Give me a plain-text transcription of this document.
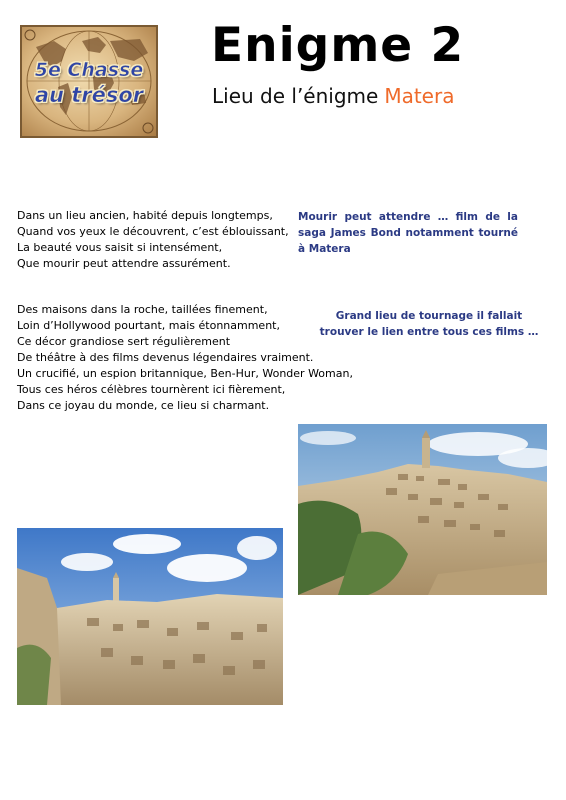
5e Chasse
au trésor
Enigme 2
Lieu de l’énigme Matera
Dans un lieu ancien, habité depuis longtemps,
Quand vos yeux le découvrent, c’est éblouissant,
La beauté vous saisit si intensément,
Que mourir peut attendre assurément.
Des maisons dans la roche, taillées finement,
Loin d’Hollywood pourtant, mais étonnamment,
Ce décor grandiose sert régulièrement
De théâtre à des films devenus légendaires vraiment.
Un crucifié, un espion britannique, Ben-Hur, Wonder Woman,
Tous ces héros célèbres tournèrent ici fièrement,
Dans ce joyau du monde, ce lieu si charmant.
Mourir peut attendre … film de la saga James Bond notamment tourné à Matera
Grand lieu de tournage il fallait trouver le lien entre tous ces films …
